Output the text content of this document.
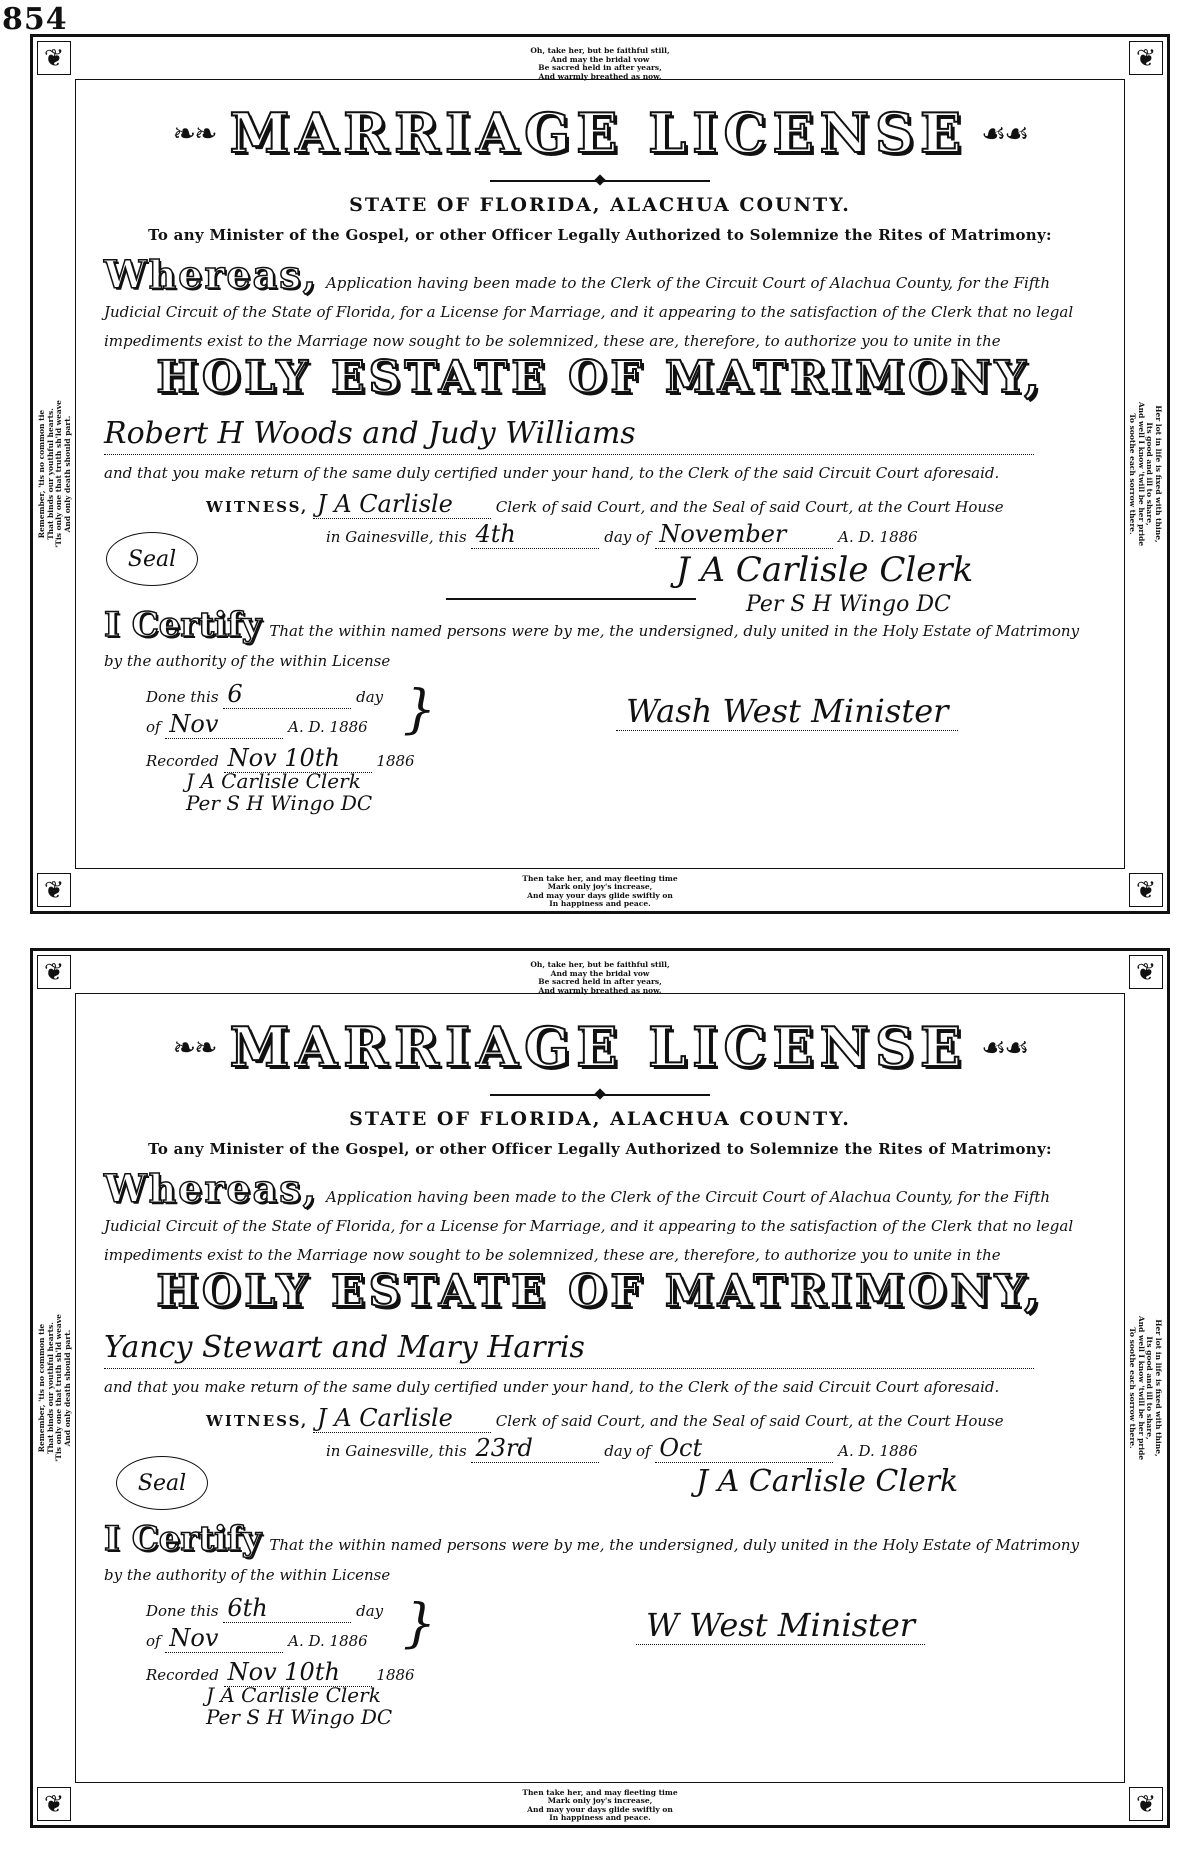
854
❦	❦
❦	❦
Oh, take her, but be faithful still,
And may the bridal vow
Be sacred held in after years,
And warmly breathed as now.
Then take her, and may fleeting time
Mark only joy's increase,
And may your days glide swiftly on
In happiness and peace.
Remember, 'tis no common tie That binds our youthful hearts. 'Tis only one that truth sh'ld weave And only death should part.	Her lot in life is fixed with thine,
Its good and ill to share,
And well I know 'twill be her pride
To soothe each sorrow there.
❧❧ MARRIAGE LICENSE ☙☙
STATE OF FLORIDA, ALACHUA COUNTY.
To any Minister of the Gospel, or other Officer Legally Authorized to Solemnize the Rites of Matrimony:
Whereas, Application having been made to the Clerk of the Circuit Court of Alachua County, for the Fifth Judicial Circuit of the State of Florida, for a License for Marriage, and it appearing to the satisfaction of the Clerk that no legal impediments exist to the Marriage now sought to be solemnized, these are, therefore, to authorize you to unite in the
HOLY ESTATE OF MATRIMONY,
Robert H Woods and Judy Williams
and that you make return of the same duly certified under your hand, to the Clerk of the said Circuit Court aforesaid.
WITNESS, J A Carlisle	Clerk of said Court, and the Seal of said Court, at the Court House
in Gainesville, this 4th	day of November	A. D. 1886
Seal	J A Carlisle Clerk
Per S H Wingo DC
I Certify That the within named persons were by me, the undersigned, duly united in the Holy Estate of Matrimony by the authority of the within License
Done this 6	day
of Nov	A. D. 1886 }	Wash West Minister
Recorded Nov 10th 1886
J A Carlisle Clerk
Per S H Wingo DC
❦	❦
❦	❦
Oh, take her, but be faithful still,
And may the bridal vow
Be sacred held in after years,
And warmly breathed as now.
Then take her, and may fleeting time
Mark only joy's increase,
And may your days glide swiftly on
In happiness and peace.
Remember, 'tis no common tie That binds our youthful hearts. 'Tis only one that truth sh'ld weave And only death should part.	Her lot in life is fixed with thine,
Its good and ill to share,
And well I know 'twill be her pride
To soothe each sorrow there.
❧❧ MARRIAGE LICENSE ☙☙
STATE OF FLORIDA, ALACHUA COUNTY.
To any Minister of the Gospel, or other Officer Legally Authorized to Solemnize the Rites of Matrimony:
Whereas, Application having been made to the Clerk of the Circuit Court of Alachua County, for the Fifth Judicial Circuit of the State of Florida, for a License for Marriage, and it appearing to the satisfaction of the Clerk that no legal impediments exist to the Marriage now sought to be solemnized, these are, therefore, to authorize you to unite in the
HOLY ESTATE OF MATRIMONY,
Yancy Stewart and Mary Harris
and that you make return of the same duly certified under your hand, to the Clerk of the said Circuit Court aforesaid.
WITNESS, J A Carlisle	Clerk of said Court, and the Seal of said Court, at the Court House
in Gainesville, this 23rd	day of Oct	A. D. 1886
Seal	J A Carlisle Clerk
I Certify That the within named persons were by me, the undersigned, duly united in the Holy Estate of Matrimony by the authority of the within License
Done this 6th	day
of Nov	A. D. 1886 }	W West Minister
Recorded Nov 10th 1886
J A Carlisle Clerk
Per S H Wingo DC
